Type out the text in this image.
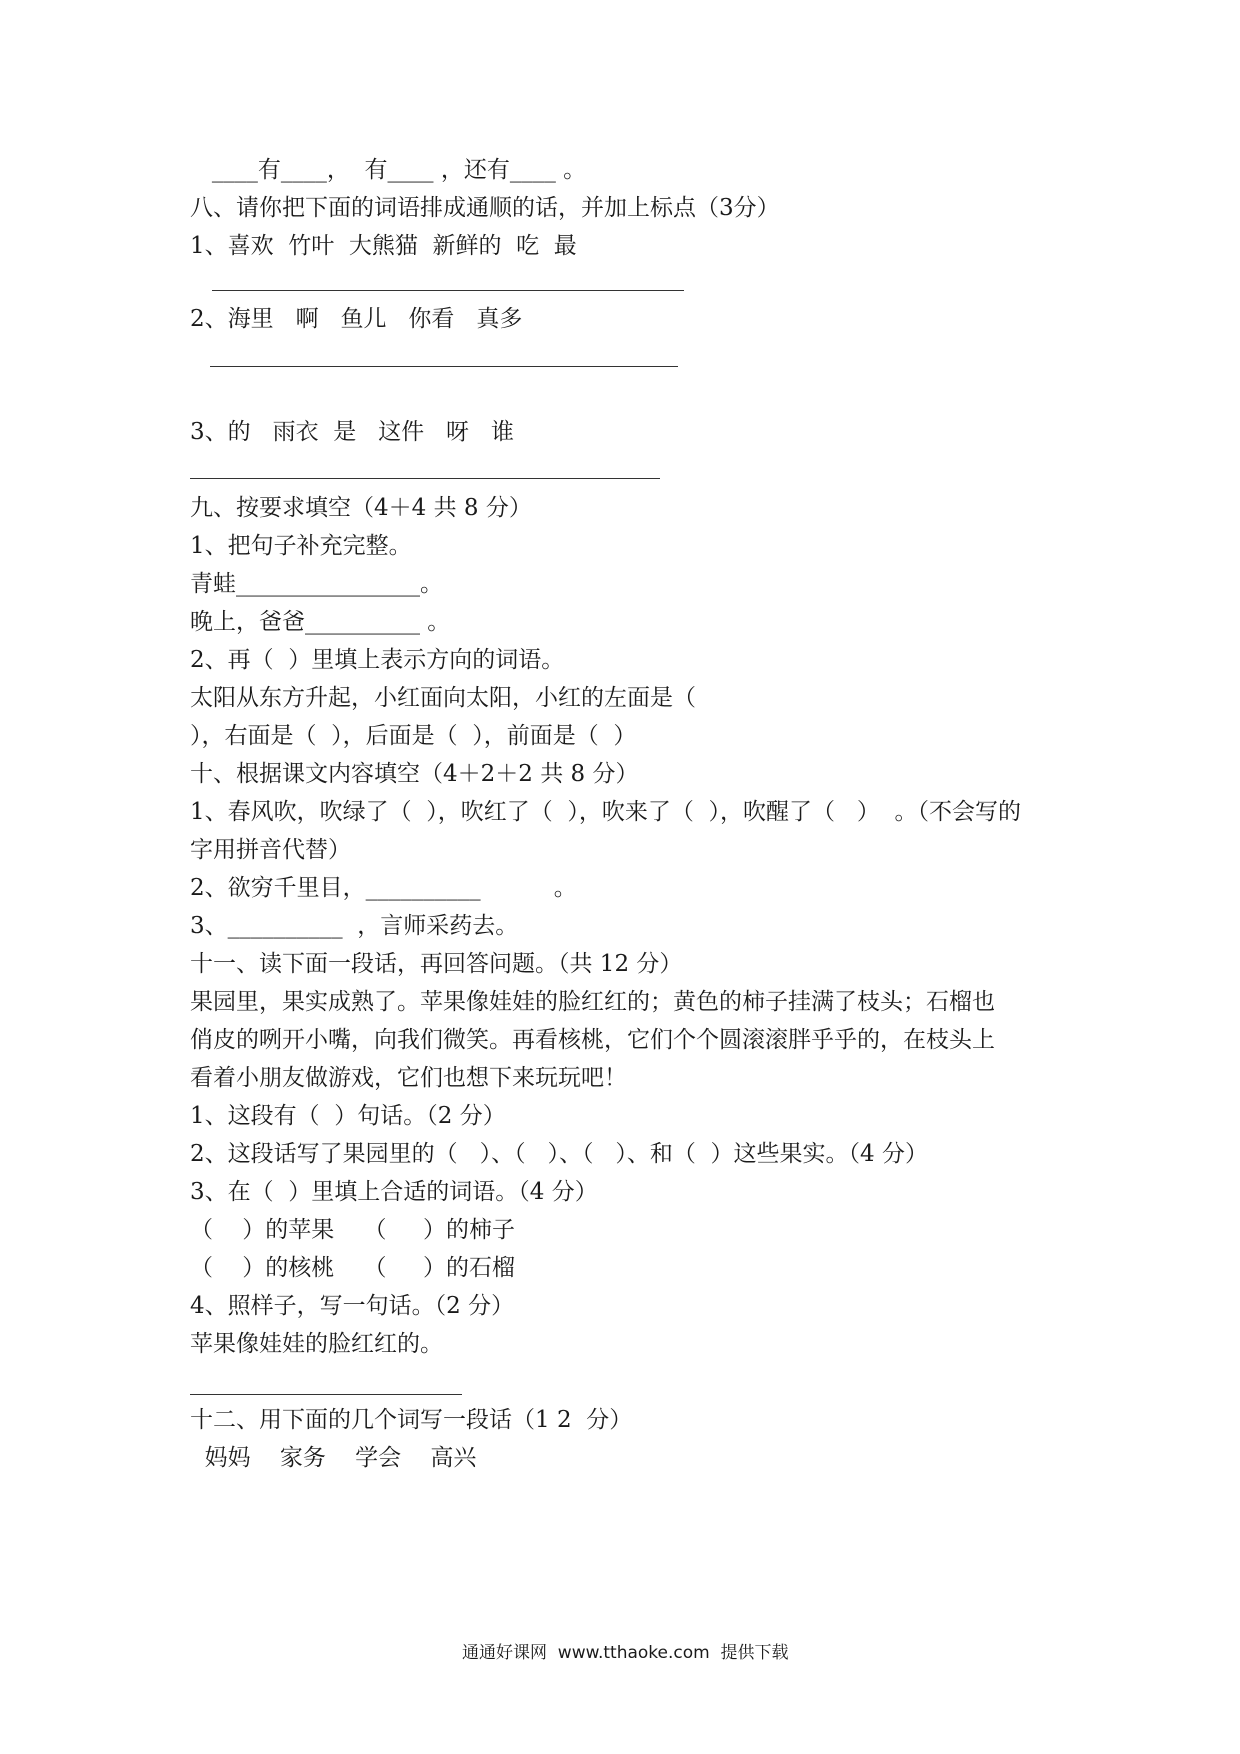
____有____，  有____ ，还有____ 。
八、请你把下面的词语排成通顺的话，并加上标点（3分）
1、喜欢  竹叶  大熊猫  新鲜的  吃  最
2、海里   啊   鱼儿   你看   真多
3、的   雨衣  是   这件   呀   谁
九、按要求填空（4＋4 共 8 分）
1、把句子补充完整。
青蛙________________。
晚上，爸爸__________ 。
2、再（  ）里填上表示方向的词语。
太阳从东方升起，小红面向太阳，小红的左面是（
），右面是（  ），后面是（  ），前面是（  ）
十、根据课文内容填空（4＋2＋2 共 8 分）
1、春风吹，吹绿了（  ），吹红了（  ），吹来了（  ），吹醒了（   ）  。（不会写的
字用拼音代替）
2、欲穷千里目，__________          。
3、__________  ，言师采药去。
十一、读下面一段话，再回答问题。（共 12 分）
果园里，果实成熟了。苹果像娃娃的脸红红的；黄色的柿子挂满了枝头；石榴也
俏皮的咧开小嘴，向我们微笑。再看核桃，它们个个圆滚滚胖乎乎的，在枝头上
看着小朋友做游戏，它们也想下来玩玩吧！
1、这段有（  ）句话。（2 分）
2、这段话写了果园里的（   ）、（   ）、（   ）、和（  ）这些果实。（4 分）
3、在（  ）里填上合适的词语。（4 分）
（    ）的苹果    （     ）的柿子
（    ）的核桃    （     ）的石榴
4、照样子，写一句话。（2 分）
苹果像娃娃的脸红红的。
十二、用下面的几个词写一段话（1 2  分）
妈妈    家务    学会    高兴
通通好课网  www.tthaoke.com  提供下载
